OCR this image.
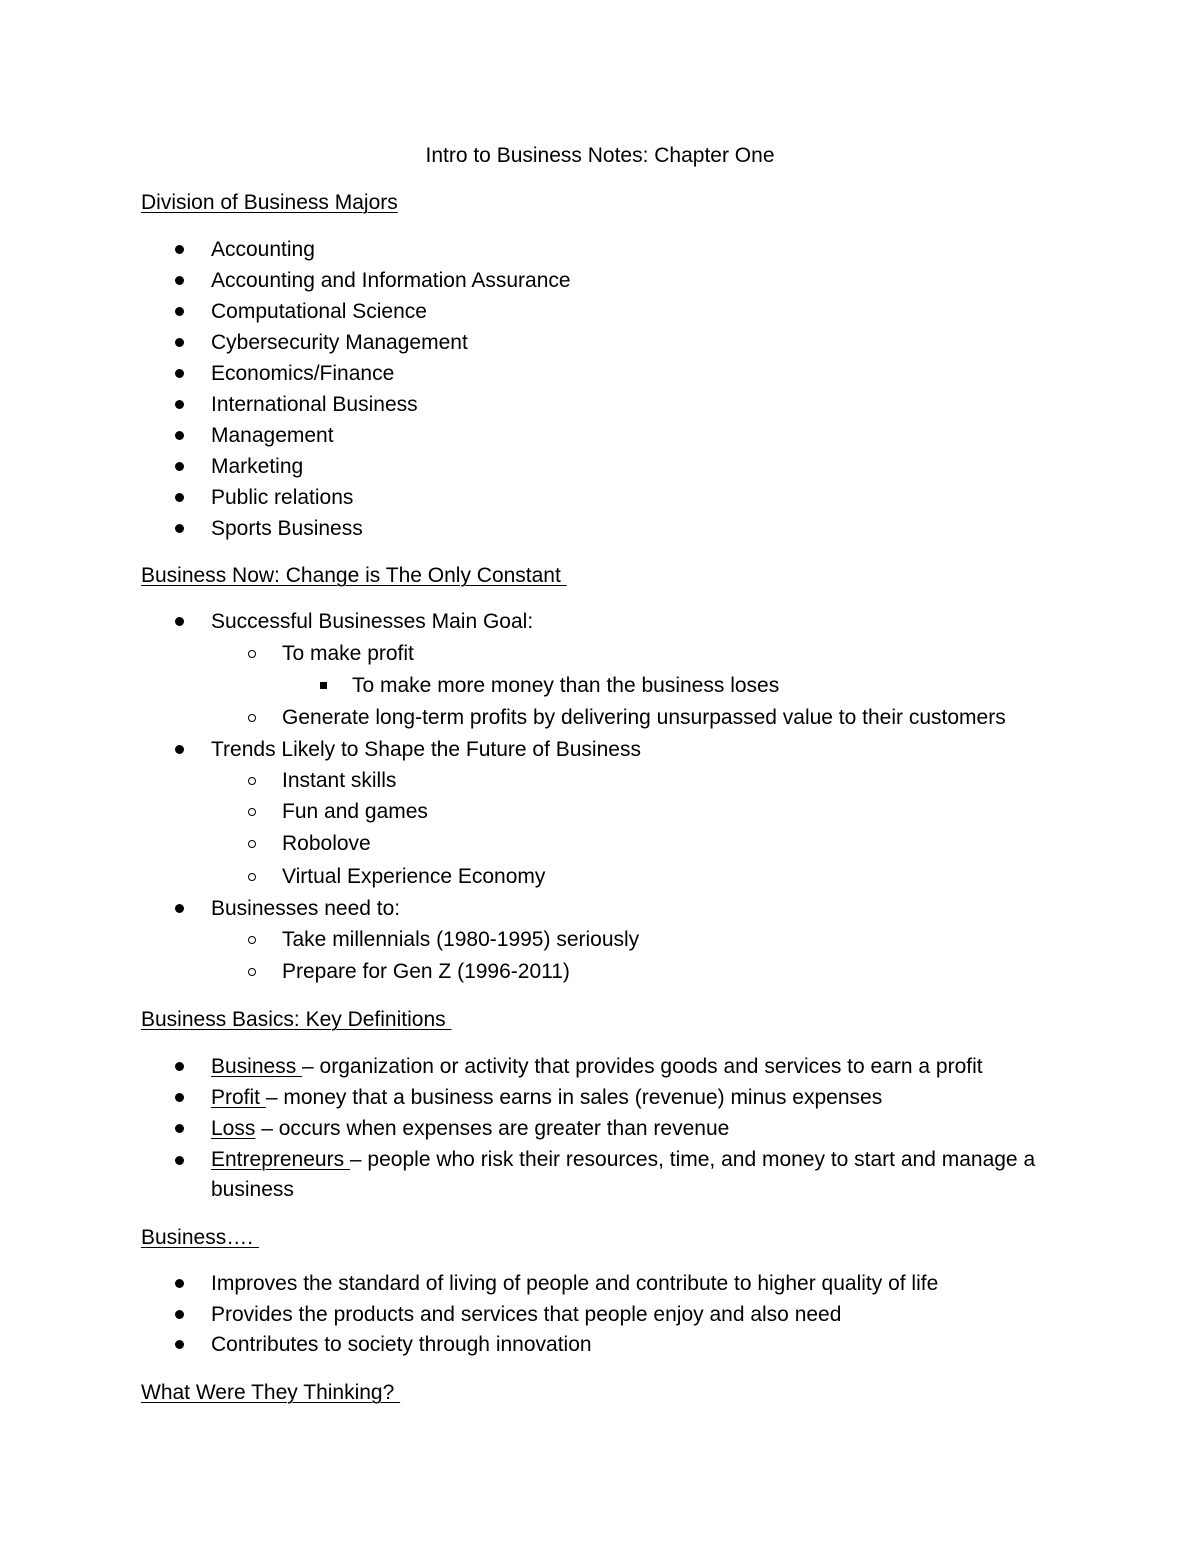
Intro to Business Notes: Chapter One
Division of Business Majors
Accounting
Accounting and Information Assurance
Computational Science
Cybersecurity Management
Economics/Finance
International Business
Management
Marketing
Public relations
Sports Business
Business Now: Change is The Only Constant
Successful Businesses Main Goal:
To make profit
To make more money than the business loses
Generate long-term profits by delivering unsurpassed value to their customers
Trends Likely to Shape the Future of Business
Instant skills
Fun and games
Robolove
Virtual Experience Economy
Businesses need to:
Take millennials (1980-1995) seriously
Prepare for Gen Z (1996-2011)
Business Basics: Key Definitions
Business – organization or activity that provides goods and services to earn a profit
Profit – money that a business earns in sales (revenue) minus expenses
Loss – occurs when expenses are greater than revenue
Entrepreneurs – people who risk their resources, time, and money to start and manage a business
Business….
Improves the standard of living of people and contribute to higher quality of life
Provides the products and services that people enjoy and also need
Contributes to society through innovation
What Were They Thinking?
